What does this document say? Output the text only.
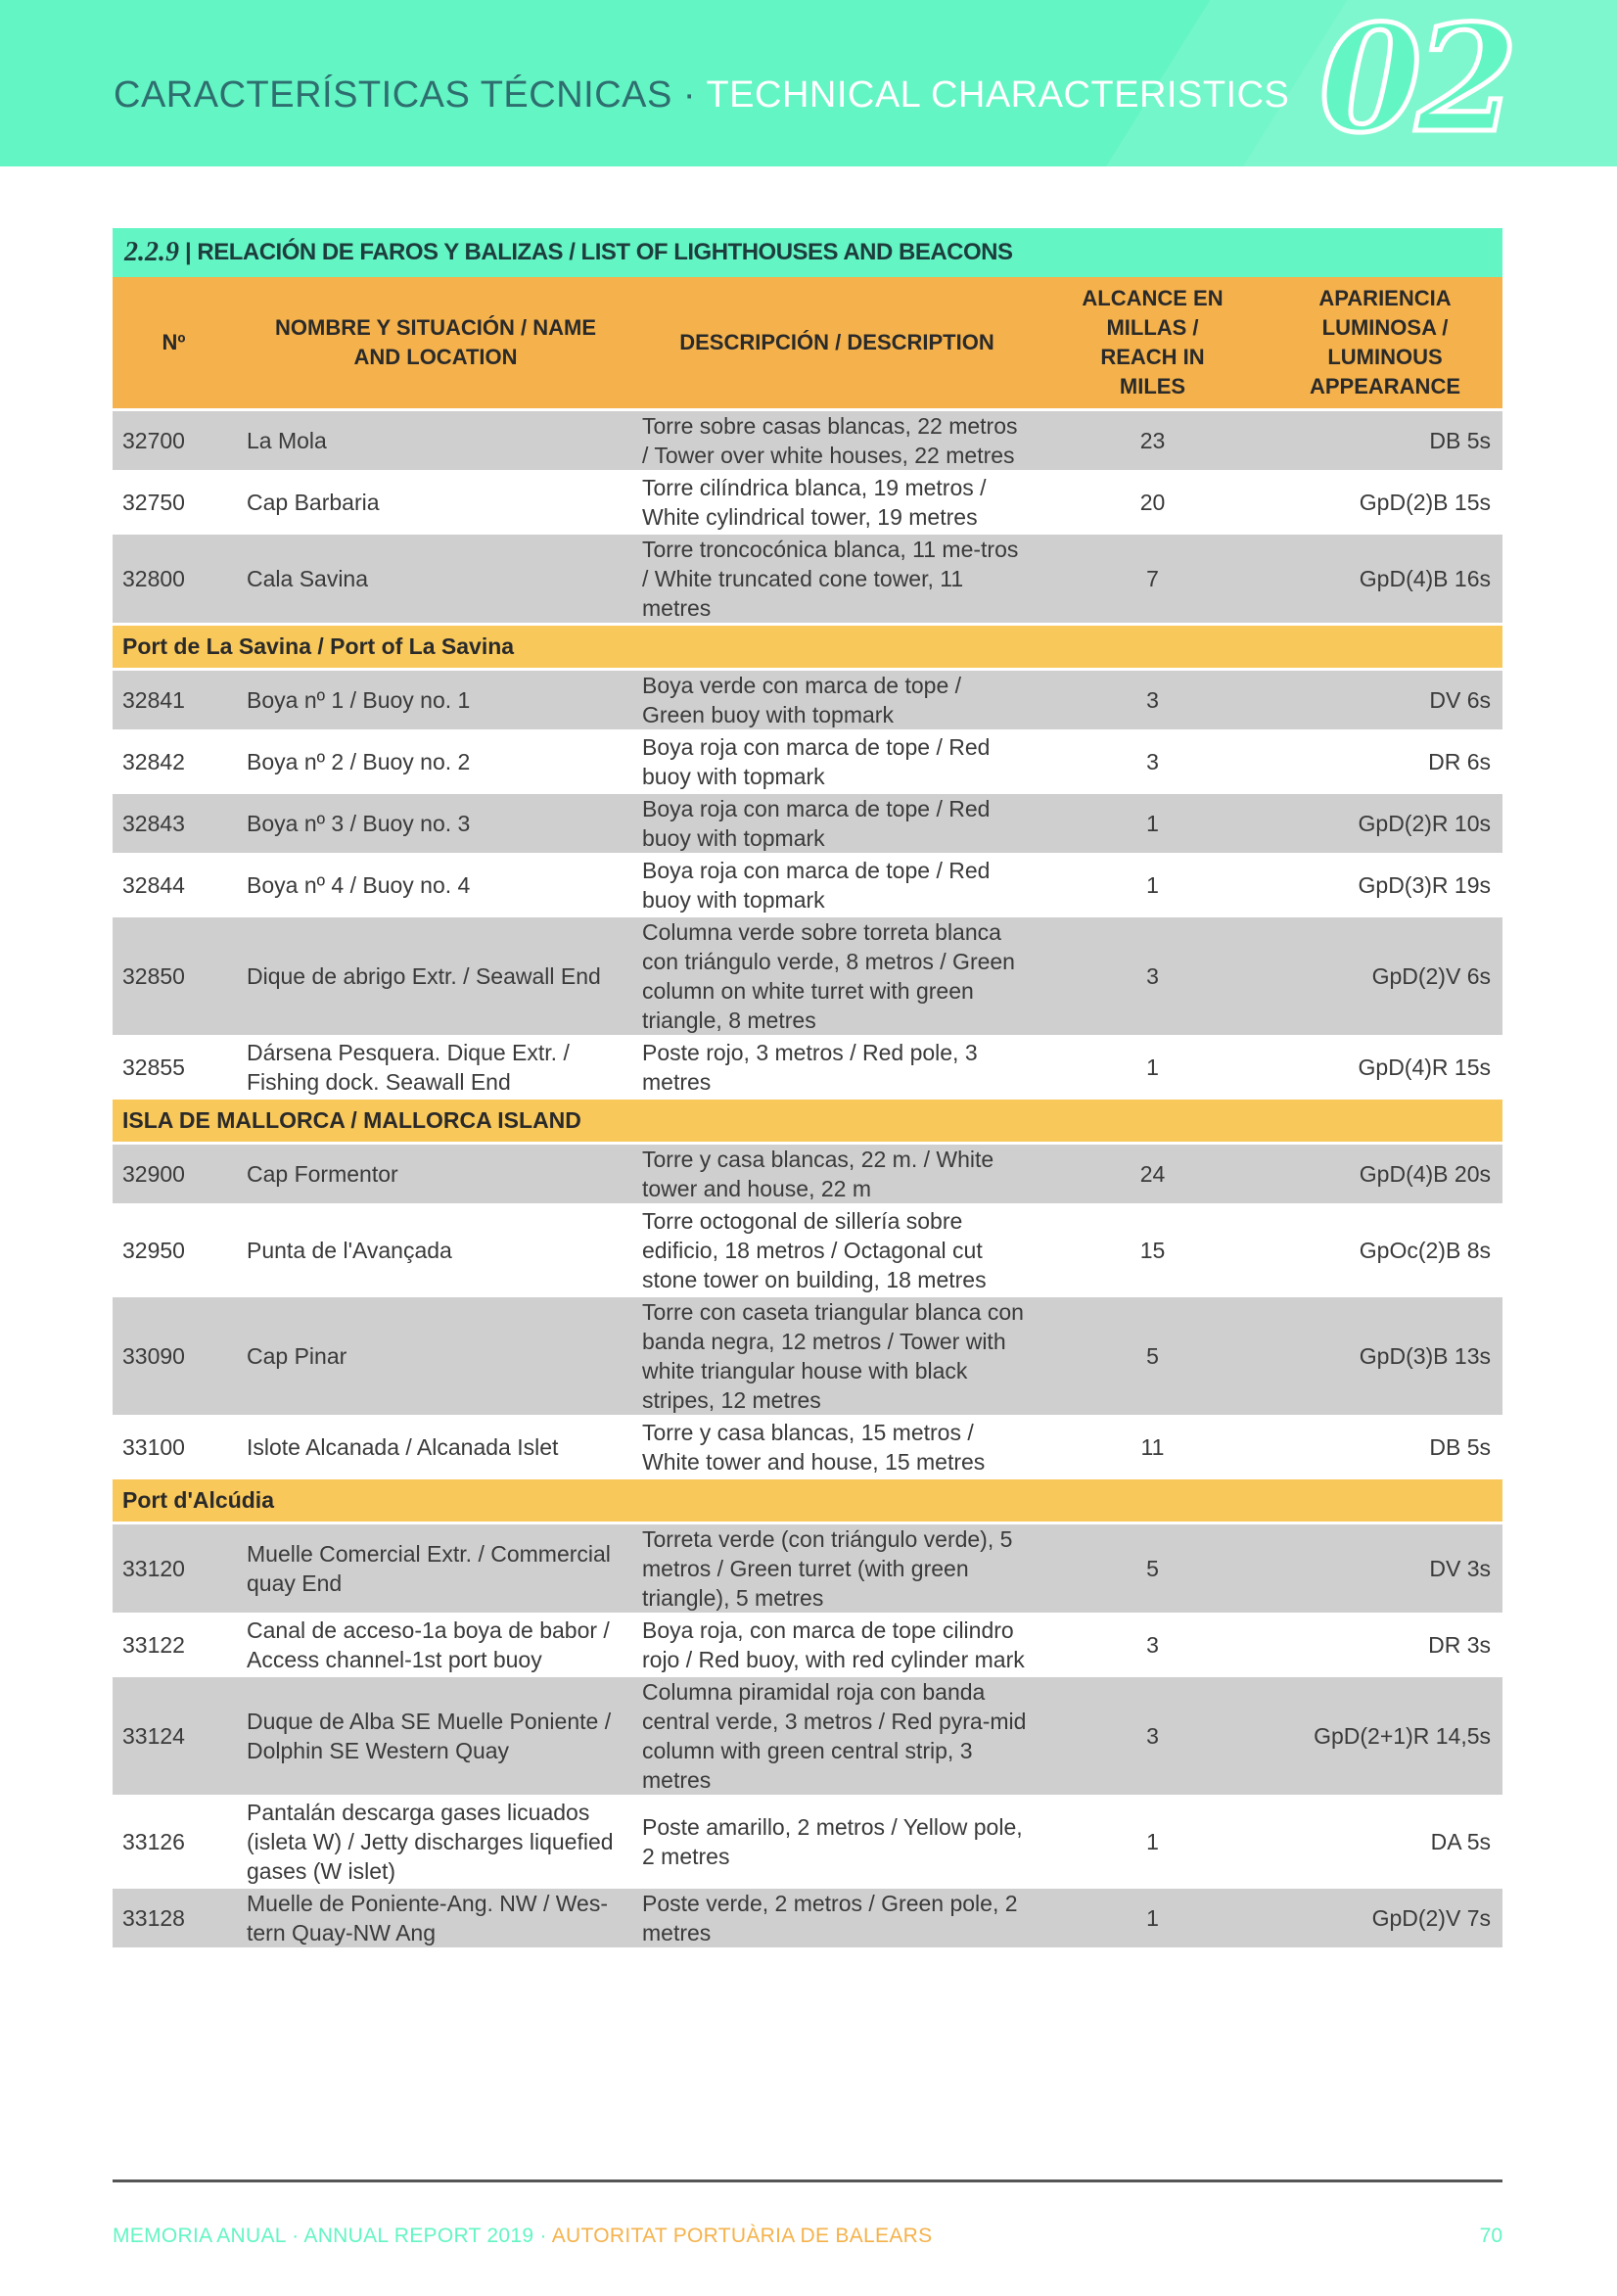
CARACTERÍSTICAS TÉCNICAS · TECHNICAL CHARACTERISTICS 02
2.2.9 | RELACIÓN DE FAROS Y BALIZAS / LIST OF LIGHTHOUSES AND BEACONS
Nº	NOMBRE Y SITUACIÓN / NAME AND LOCATION	DESCRIPCIÓN / DESCRIPTION	ALCANCE EN MILLAS / REACH IN MILES	APARIENCIA LUMINOSA / LUMINOUS APPEARANCE
32700	La Mola	Torre sobre casas blancas, 22 metros / Tower over white houses, 22 metres	23	DB 5s
32750	Cap Barbaria	Torre cilíndrica blanca, 19 metros / White cylindrical tower, 19 metres	20	GpD(2)B 15s
32800	Cala Savina	Torre troncocónica blanca, 11 me-tros / White truncated cone tower, 11 metres	7	GpD(4)B 16s
Port de La Savina / Port of La Savina				
32841	Boya nº 1 / Buoy no. 1	Boya verde con marca de tope / Green buoy with topmark	3	DV 6s
32842	Boya nº 2 / Buoy no. 2	Boya roja con marca de tope / Red buoy with topmark	3	DR 6s
32843	Boya nº 3 / Buoy no. 3	Boya roja con marca de tope / Red buoy with topmark	1	GpD(2)R 10s
32844	Boya nº 4 / Buoy no. 4	Boya roja con marca de tope / Red buoy with topmark	1	GpD(3)R 19s
32850	Dique de abrigo Extr. / Seawall End	Columna verde sobre torreta blanca con triángulo verde, 8 metros / Green column on white turret with green triangle, 8 metres	3	GpD(2)V 6s
32855	Dársena Pesquera. Dique Extr. / Fishing dock. Seawall End	Poste rojo, 3 metros / Red pole, 3 metres	1	GpD(4)R 15s
ISLA DE MALLORCA / MALLORCA ISLAND				
32900	Cap Formentor	Torre y casa blancas, 22 m. / White tower and house, 22 m	24	GpD(4)B 20s
32950	Punta de l'Avançada	Torre octogonal de sillería sobre edificio, 18 metros / Octagonal cut stone tower on building, 18 metres	15	GpOc(2)B 8s
33090	Cap Pinar	Torre con caseta triangular blanca con banda negra, 12 metros / Tower with white triangular house with black stripes, 12 metres	5	GpD(3)B 13s
33100	Islote Alcanada / Alcanada Islet	Torre y casa blancas, 15 metros / White tower and house, 15 metres	11	DB 5s
Port d'Alcúdia				
33120	Muelle Comercial Extr. / Commercial quay End	Torreta verde (con triángulo verde), 5 metros / Green turret (with green triangle), 5 metres	5	DV 3s
33122	Canal de acceso-1a boya de babor / Access channel-1st port buoy	Boya roja, con marca de tope cilindro rojo / Red buoy, with red cylinder mark	3	DR 3s
33124	Duque de Alba SE Muelle Poniente / Dolphin SE Western Quay	Columna piramidal roja con banda central verde, 3 metros / Red pyra-mid column with green central strip, 3 metres	3	GpD(2+1)R 14,5s
33126	Pantalán descarga gases licuados (isleta W) / Jetty discharges liquefied gases (W islet)	Poste amarillo, 2 metros / Yellow pole, 2 metres	1	DA 5s
33128	Muelle de Poniente-Ang. NW / Wes-tern Quay-NW Ang	Poste verde, 2 metros / Green pole, 2 metres	1	GpD(2)V 7s
MEMORIA ANUAL · ANNUAL REPORT 2019 · AUTORITAT PORTUÀRIA DE BALEARS	70
